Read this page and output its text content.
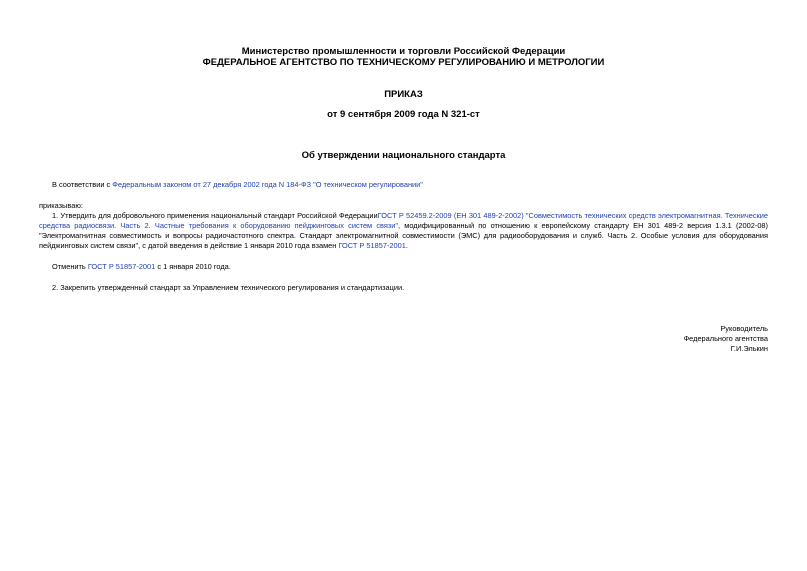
Министерство промышленности и торговли Российской Федерации
ФЕДЕРАЛЬНОЕ АГЕНТСТВО ПО ТЕХНИЧЕСКОМУ РЕГУЛИРОВАНИЮ И МЕТРОЛОГИИ
ПРИКАЗ
от 9 сентября 2009 года N 321-ст
Об утверждении национального стандарта
В соответствии с Федеральным законом от 27 декабря 2002 года N 184-ФЗ "О техническом регулировании"
приказываю:
1. Утвердить для добровольного применения национальный стандарт Российской ФедерацииГОСТ Р 52459.2-2009 (ЕН 301 489-2-2002) "Совместимость технических средств электромагнитная. Технические средства радиосвязи. Часть 2. Частные требования к оборудованию пейджинговых систем связи", модифицированный по отношению к европейскому стандарту ЕН 301 489-2 версия 1.3.1 (2002-08) "Электромагнитная совместимость и вопросы радиочастотного спектра. Стандарт электромагнитной совместимости (ЭМС) для радиооборудования и служб. Часть 2. Особые условия для оборудования пейджинговых систем связи", с датой введения в действие 1 января 2010 года взамен ГОСТ Р 51857-2001.
Отменить ГОСТ Р 51857-2001 с 1 января 2010 года.
2. Закрепить утвержденный стандарт за Управлением технического регулирования и стандартизации.
Руководитель
Федерального агентства
Г.И.Элькин
